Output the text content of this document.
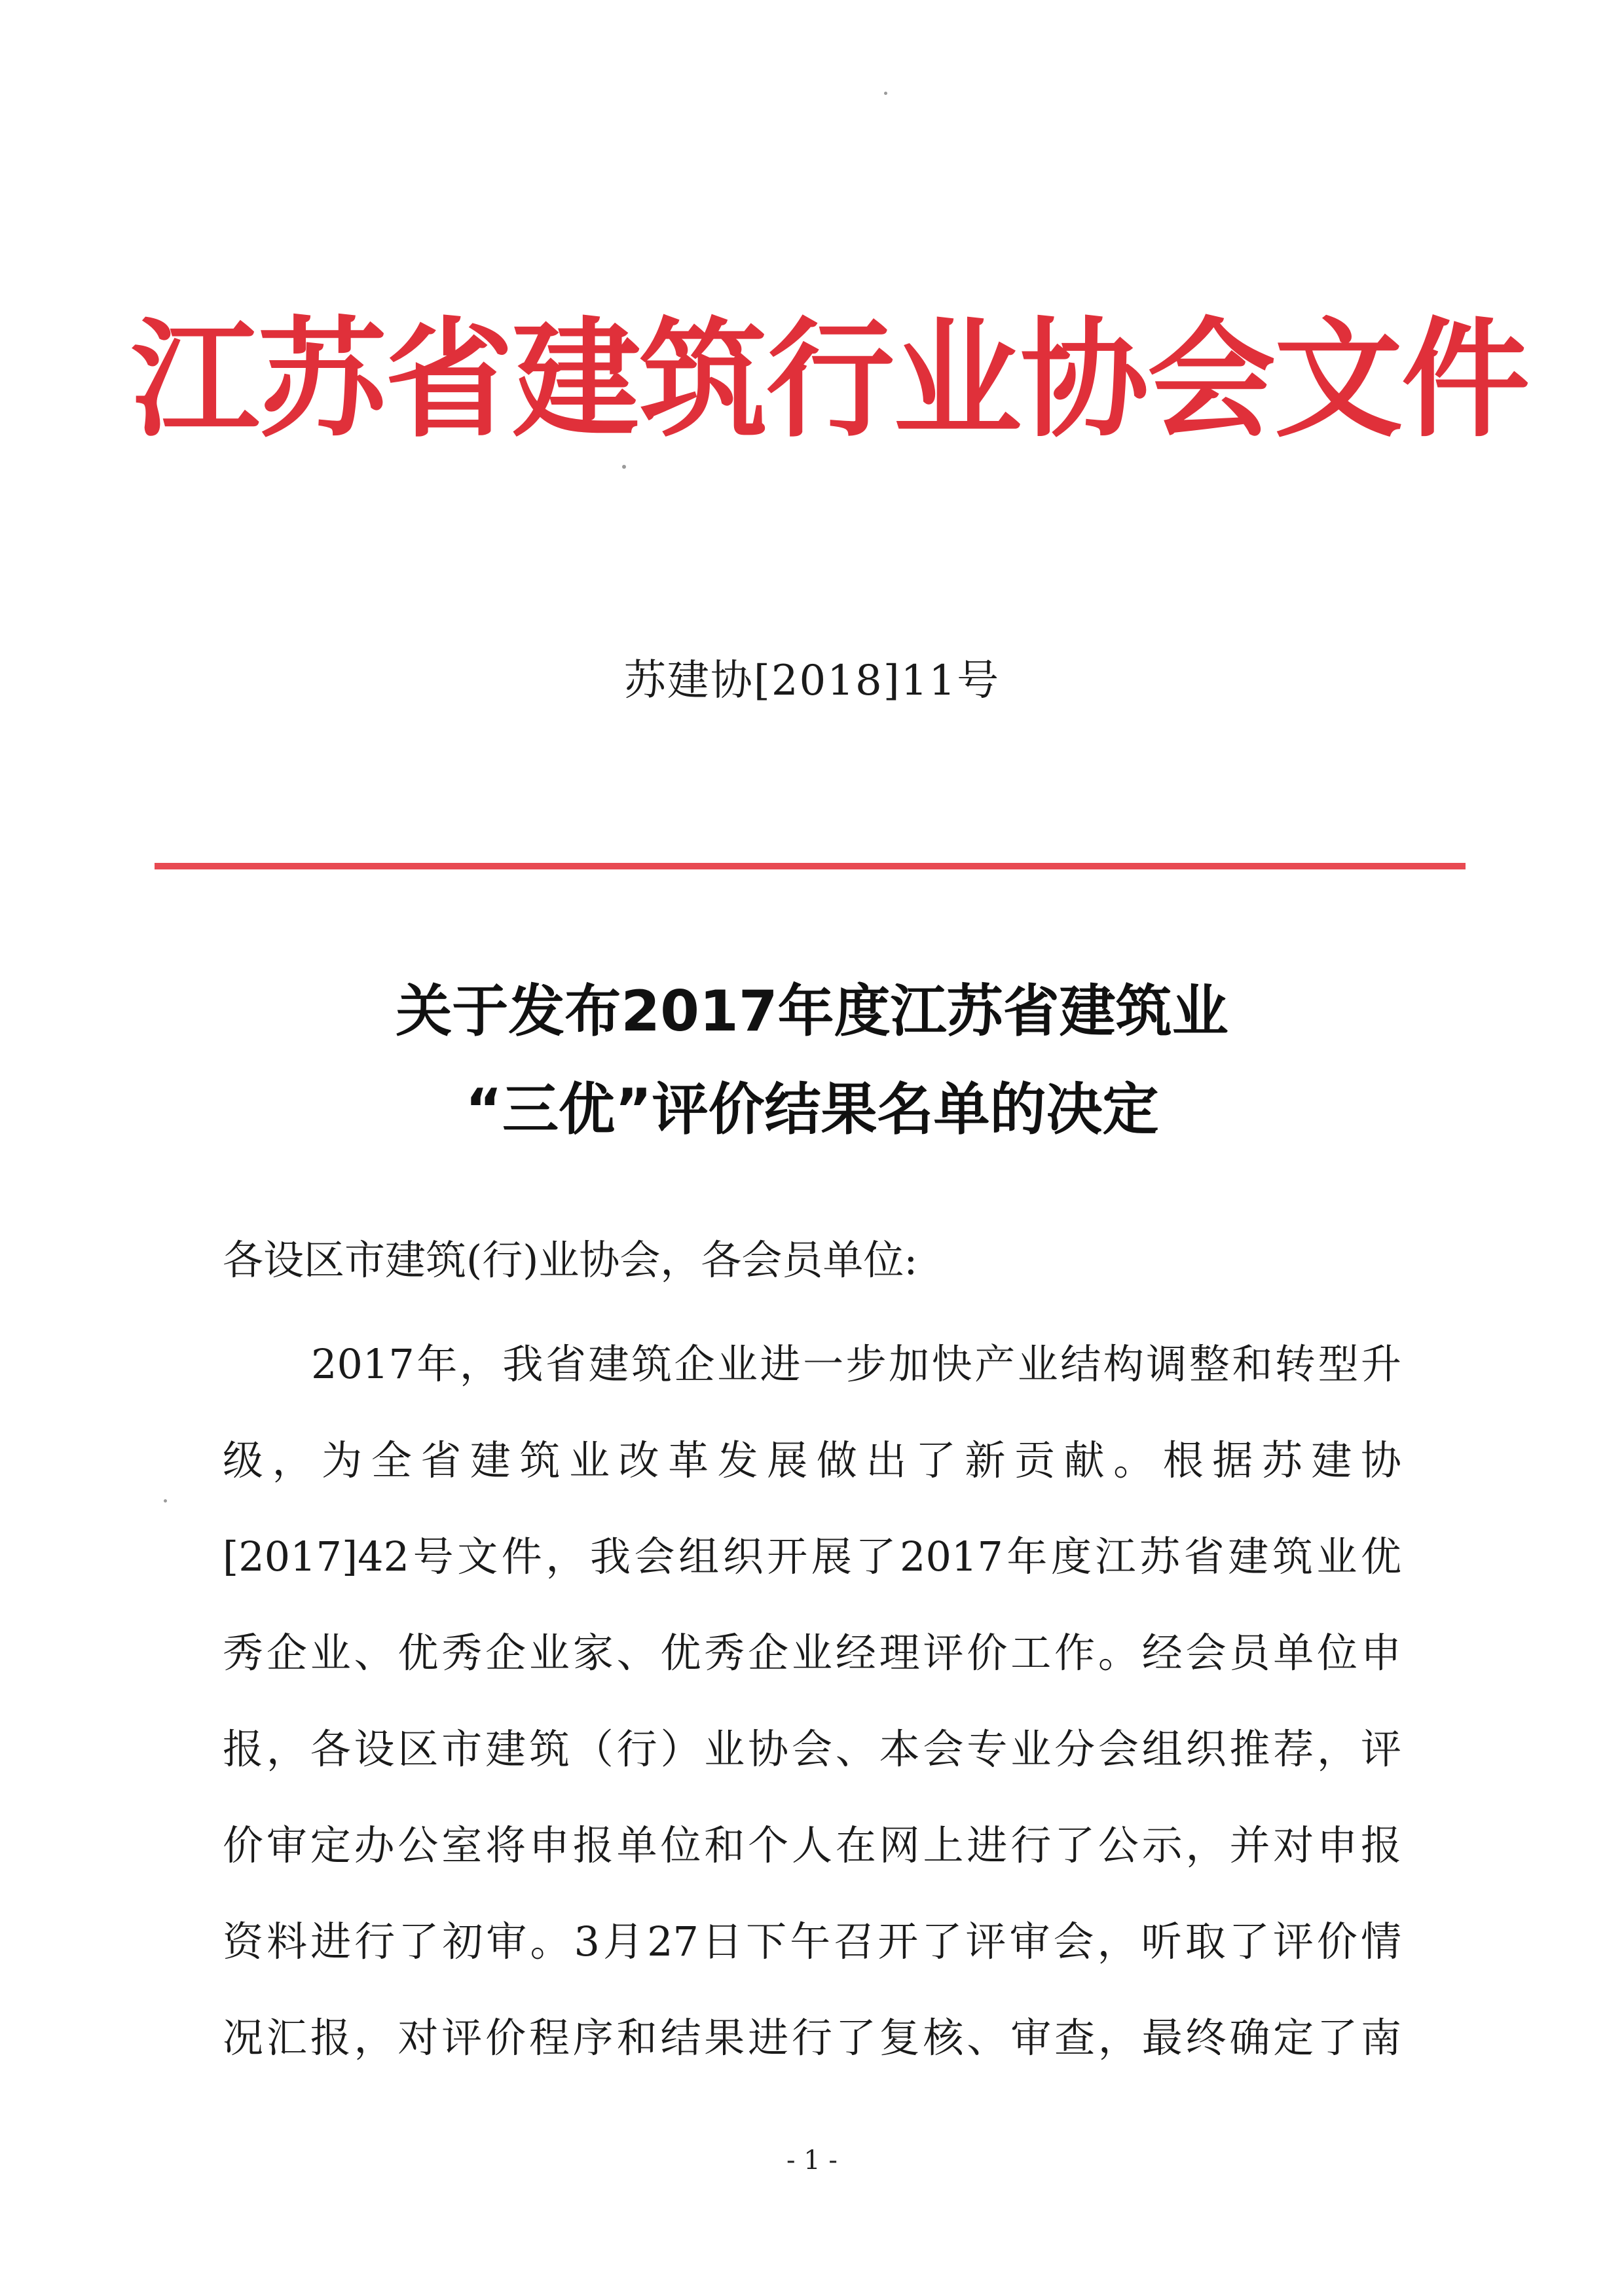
江苏省建筑行业协会文件
苏建协[2018]11号
关于发布2017年度江苏省建筑业
“三优”评价结果名单的决定
各设区市建筑(行)业协会，各会员单位:
2017年，我省建筑企业进一步加快产业结构调整和转型升
级，为全省建筑业改革发展做出了新贡献。根据苏建协
[2017]42号文件，我会组织开展了2017年度江苏省建筑业优
秀企业、优秀企业家、优秀企业经理评价工作。经会员单位申
报，各设区市建筑（行）业协会、本会专业分会组织推荐，评
价审定办公室将申报单位和个人在网上进行了公示，并对申报
资料进行了初审。3月27日下午召开了评审会，听取了评价情
况汇报，对评价程序和结果进行了复核、审查，最终确定了南
- 1 -
